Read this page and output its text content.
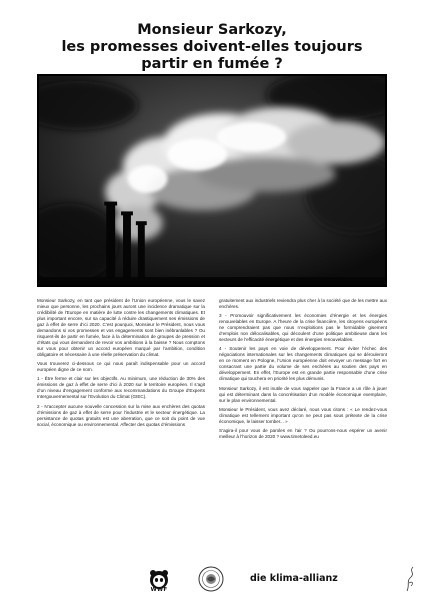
Monsieur Sarkozy,
les promesses doivent-elles toujours
partir en fumée ?

Monsieur Sarkozy, en tant que président de l’Union européenne, vous le savez mieux que personne, les prochains jours auront une incidence dramatique sur la crédibilité de l’Europe en matière de lutte contre les changements climatiques. Et plus important encore, sur sa capacité à réduire drastiquement ses émissions de gaz à effet de serre d’ici 2020. C’est pourquoi, Monsieur le Président, nous vous demandons si vos promesses et vos engagements sont bien inébranlables ? Ou risquent-ils de partir en fumée, face à la détermination de groupes de pression et d’états qui vous demandent de revoir vos ambitions à la baisse ? Nous comptons sur vous pour obtenir un accord européen marqué par l’ambition, condition obligatoire et nécessaire à une réelle préservation du climat.

Vous trouverez ci-dessous ce qui nous paraît indispensable pour un accord européen digne de ce nom.

1 - Être ferme et clair sur les objectifs. Au minimum, une réduction de 30% des émissions de gaz à effet de serre d’ici à 2020 sur le territoire européen. Il s’agit d’un niveau d’engagement conforme aux recommandations du Groupe d’Experts Intergouvernemental sur l’Evolution du Climat (GIEC).

2 - N’accepter aucune nouvelle concession sur la mise aux enchères des quotas d’émissions de gaz à effet de serre pour l’industrie et le secteur énergétique. La persistance de quotas gratuits est une aberration, que ce soit du point de vue social, économique ou environnemental. Affecter des quotas d’émissions

gratuitement aux industriels reviendra plus cher à la société que de les mettre aux enchères.

3 - Promouvoir significativement les économies d’énergie et les énergies renouvelables en Europe. A l’heure de la crise financière, les citoyens européens ne comprendraient pas que nous n’exploitions pas le formidable gisement d’emplois non délocalisables, qui découlent d’une politique ambitieuse dans les secteurs de l’efficacité énergétique et des énergies renouvelables.

4 - Soutenir les pays en voie de développement. Pour éviter l’échec des négociations internationales sur les changements climatiques qui se dérouleront en ce moment en Pologne, l’Union européenne doit envoyer un message fort en consacrant une partie du volume de ses enchères au soutien des pays en développement. En effet, l’Europe est en grande partie responsable d’une crise climatique qui touchera en priorité les plus démunis.

Monsieur Sarkozy, il est inutile de vous rappeler que la France a un rôle à jouer qui est déterminant dans la concrétisation d’un modèle économique exemplaire, sur le plan environnemental.

Monsieur le Président, vous avez déclaré, nous vous citons : « Le rendez-vous climatique est tellement important qu’on ne peut pas sous prétexte de la crise économique, le laisser tomber... »

S’agira-il pour vous de paroles en l’air ? Ou pourrons-nous espérer un avenir meilleur à l’horizon de 2020 ? www.timetoleed.eu

WWF
die klima-allianz
